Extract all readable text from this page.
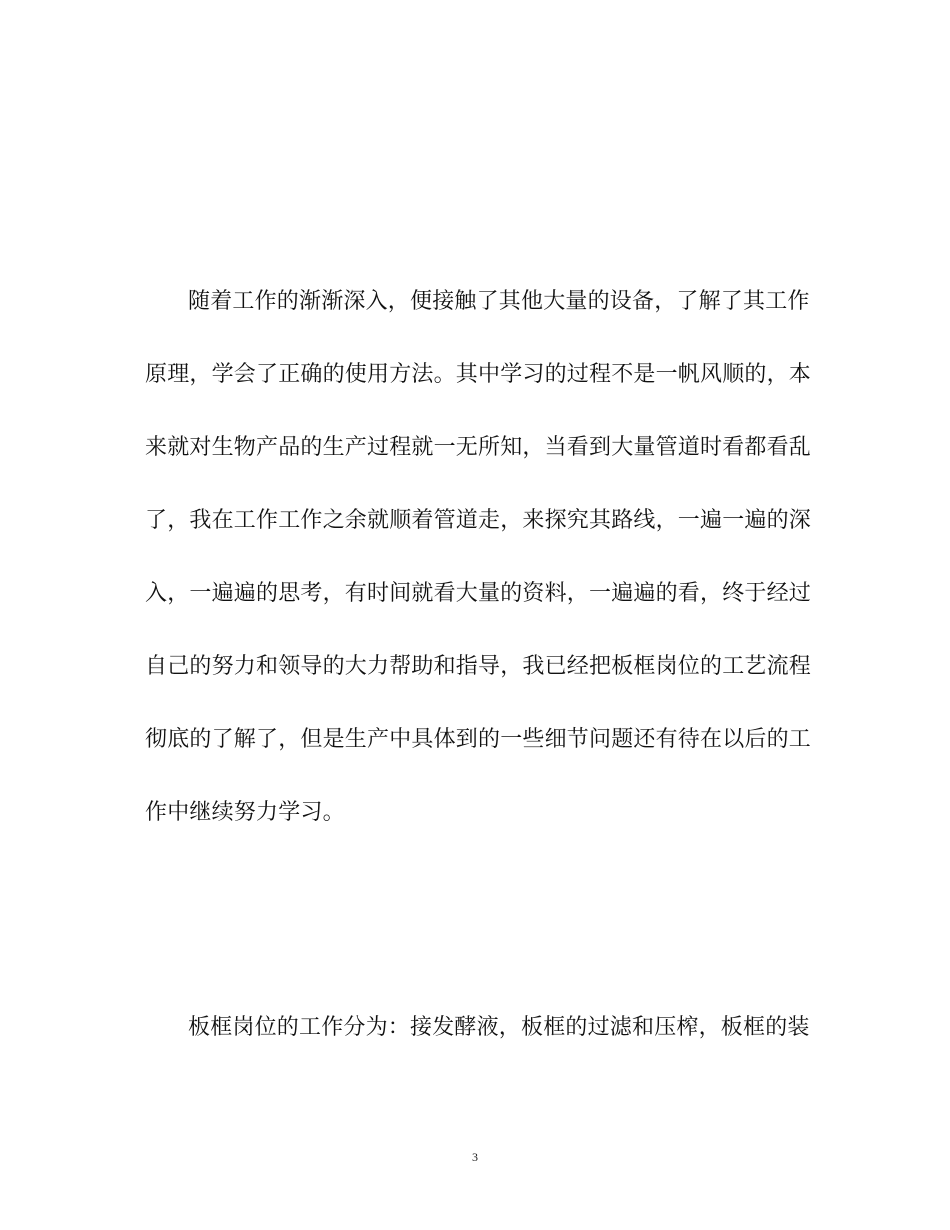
随着工作的渐渐深入，便接触了其他大量的设备，了解了其工作
原理，学会了正确的使用方法。其中学习的过程不是一帆风顺的，本
来就对生物产品的生产过程就一无所知，当看到大量管道时看都看乱
了，我在工作工作之余就顺着管道走，来探究其路线，一遍一遍的深
入，一遍遍的思考，有时间就看大量的资料，一遍遍的看，终于经过
自己的努力和领导的大力帮助和指导，我已经把板框岗位的工艺流程
彻底的了解了，但是生产中具体到的一些细节问题还有待在以后的工
作中继续努力学习。
板框岗位的工作分为：接发酵液，板框的过滤和压榨，板框的装
3
